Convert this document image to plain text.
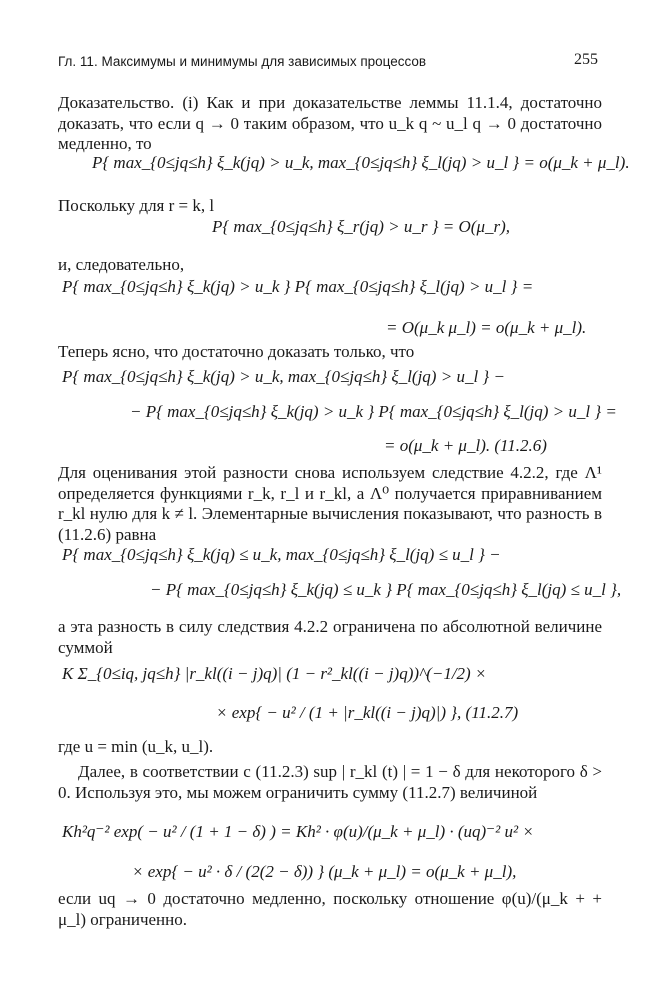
Гл. 11. Максимумы и минимумы для зависимых процессов	255
Доказательство. (i) Как и при доказательстве леммы 11.1.4, достаточно доказать, что если q → 0 таким образом, что u_k q ~ u_l q → 0 достаточно медленно, то
P{ max_{0≤jq≤h} ξ_k(jq) > u_k, max_{0≤jq≤h} ξ_l(jq) > u_l } = o(μ_k + μ_l).
Поскольку для r = k, l
P{ max_{0≤jq≤h} ξ_r(jq) > u_r } = O(μ_r),
и, следовательно,
P{ max_{0≤jq≤h} ξ_k(jq) > u_k } P{ max_{0≤jq≤h} ξ_l(jq) > u_l } =
= O(μ_k μ_l) = o(μ_k + μ_l).
Теперь ясно, что достаточно доказать только, что
P{ max_{0≤jq≤h} ξ_k(jq) > u_k, max_{0≤jq≤h} ξ_l(jq) > u_l } −
− P{ max_{0≤jq≤h} ξ_k(jq) > u_k } P{ max_{0≤jq≤h} ξ_l(jq) > u_l } =
= o(μ_k + μ_l). (11.2.6)
Для оценивания этой разности снова используем следствие 4.2.2, где Λ¹ определяется функциями r_k, r_l и r_kl, а Λ⁰ получается приравниванием r_kl нулю для k ≠ l. Элементарные вычисления показывают, что разность в (11.2.6) равна
P{ max_{0≤jq≤h} ξ_k(jq) ≤ u_k, max_{0≤jq≤h} ξ_l(jq) ≤ u_l } −
− P{ max_{0≤jq≤h} ξ_k(jq) ≤ u_k } P{ max_{0≤jq≤h} ξ_l(jq) ≤ u_l },
а эта разность в силу следствия 4.2.2 ограничена по абсолютной величине суммой
K Σ_{0≤iq, jq≤h} |r_kl((i − j)q)| (1 − r²_kl((i − j)q))^(−1/2) ×
× exp{ − u² / (1 + |r_kl((i − j)q)|) }, (11.2.7)
где u = min (u_k, u_l).
Далее, в соответствии с (11.2.3) sup | r_kl (t) | = 1 − δ для некоторого δ > 0. Используя это, мы можем ограничить сумму (11.2.7) величиной
Kh²q⁻² exp( − u² / (1 + 1 − δ) ) = Kh² · φ(u)/(μ_k + μ_l) · (uq)⁻² u² ×
× exp{ − u² · δ / (2(2 − δ)) } (μ_k + μ_l) = o(μ_k + μ_l),
если uq → 0 достаточно медленно, поскольку отношение φ(u)/(μ_k + + μ_l) ограниченно.
